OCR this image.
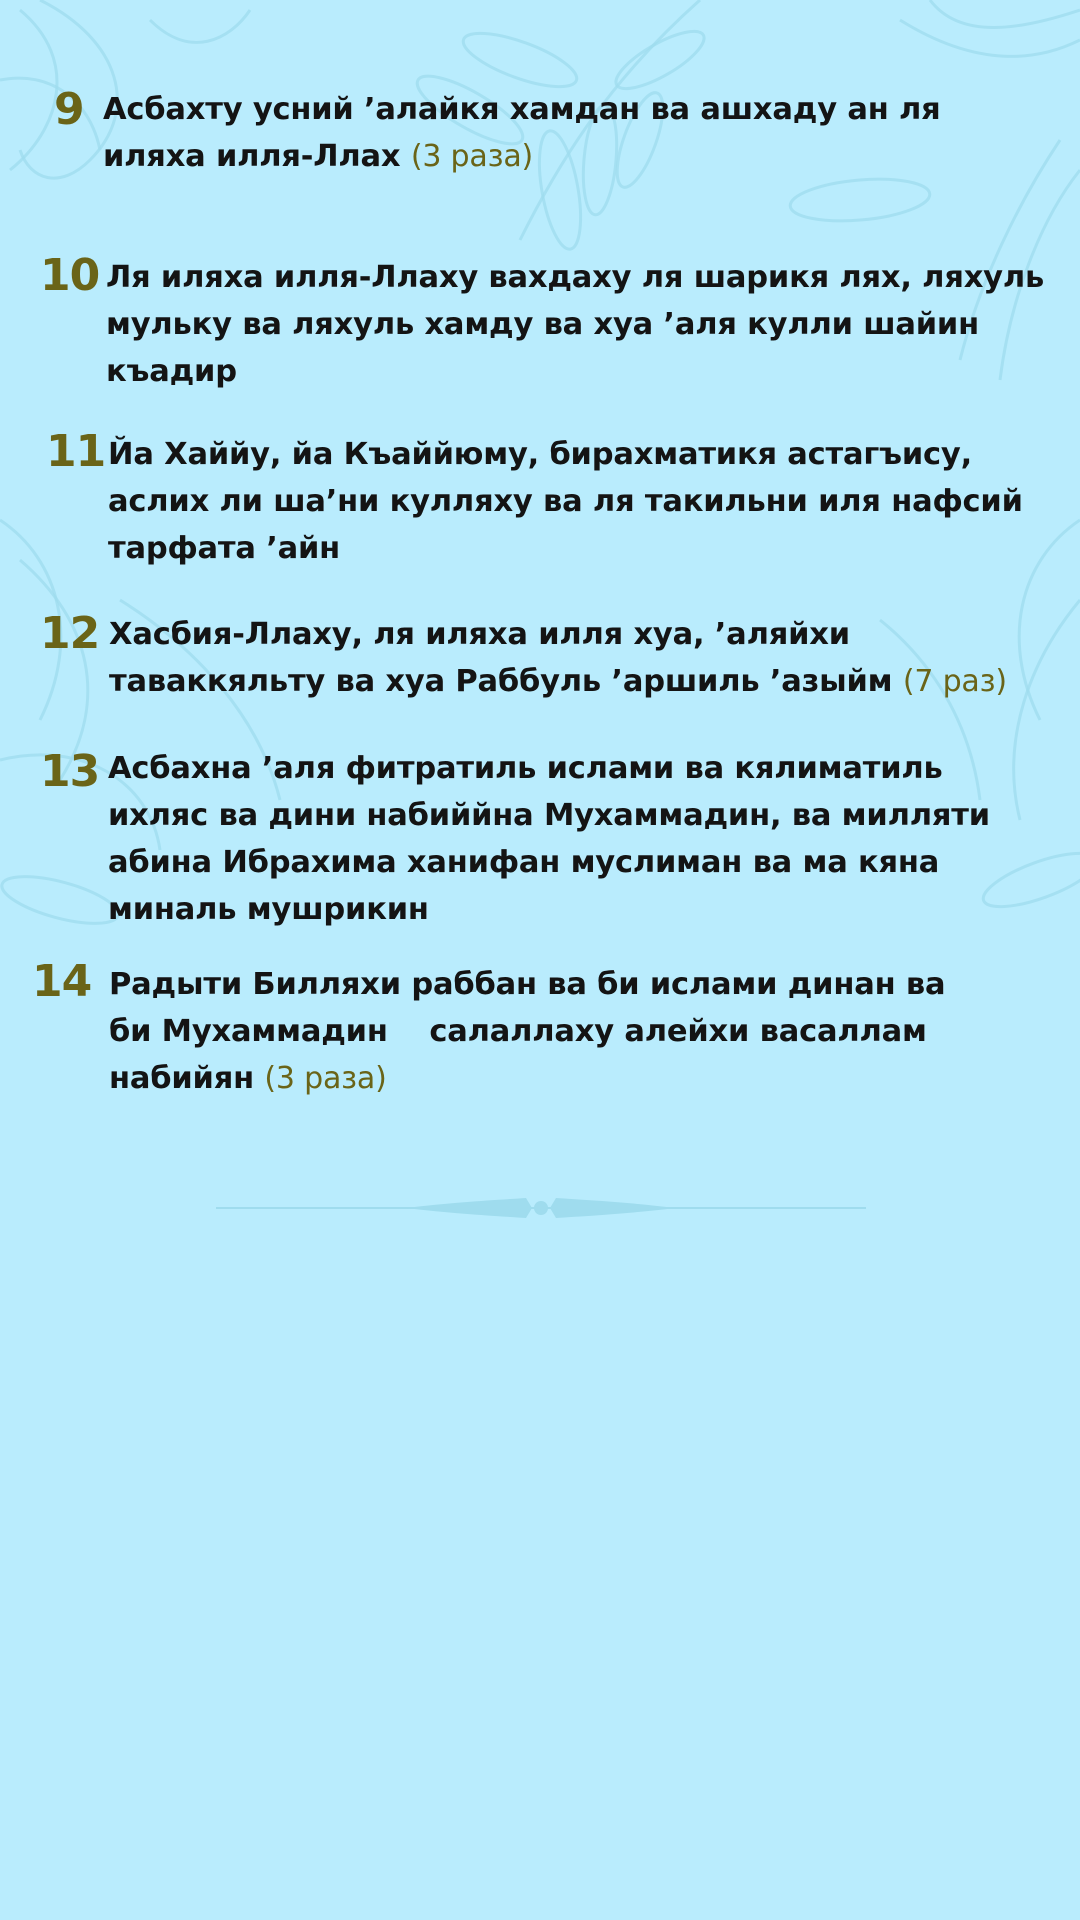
9 Асбахту усний ʼалайкя хамдан ва ашхаду ан ля иляха илля-Ллах (3 раза)
10 Ля иляха илля-Ллаху вахдаху ля шарикя лях, ляхуль мульку ва ляхуль хамду ва хуа ʼаля кулли шайин къадир
11 Йа Хаййу, йа Къаййюму, бирахматикя астагъису, аслих ли шаʼни кулляху ва ля такильни иля нафсий тарфата ʼайн
12 Хасбия-Ллаху, ля иляха илля хуа, ʼаляйхи таваккяльту ва хуа Раббуль ʼаршиль ʼазыйм (7 раз)
13 Асбахна ʼаля фитратиль ислами ва кялиматиль ихляс ва дини набиййна Мухаммадин, ва милляти абина Ибрахима ханифан муслиман ва ма кяна миналь мушрикин
14 Радыти Билляхи раббан ва би ислами динан ва би Мухаммадин    салаллаху алейхи васаллам набийян (3 раза)
